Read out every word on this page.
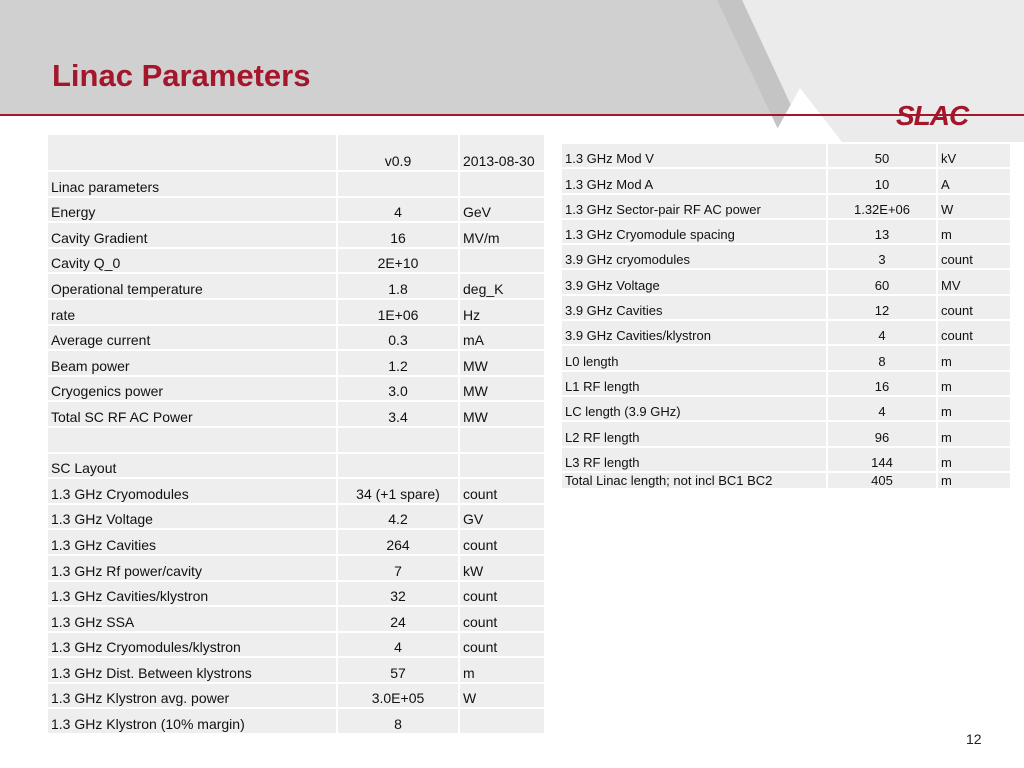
Linac Parameters
SLAC
	v0.9	2013-08-30
Linac parameters		
Energy	4	GeV
Cavity Gradient	16	MV/m
Cavity Q_0	2E+10	
Operational temperature	1.8	deg_K
rate	1E+06	Hz
Average current	0.3	mA
Beam power	1.2	MW
Cryogenics power	3.0	MW
Total SC RF AC Power	3.4	MW

SC Layout		
1.3 GHz Cryomodules	34 (+1 spare)	count
1.3 GHz Voltage	4.2	GV
1.3 GHz Cavities	264	count
1.3 GHz Rf power/cavity	7	kW
1.3 GHz Cavities/klystron	32	count
1.3 GHz SSA	24	count
1.3 GHz Cryomodules/klystron	4	count
1.3 GHz Dist. Between klystrons	57	m
1.3 GHz Klystron avg. power	3.0E+05	W
1.3 GHz Klystron (10% margin)	8	
1.3 GHz Mod V	50	kV
1.3 GHz Mod A	10	A
1.3 GHz Sector-pair RF AC power	1.32E+06	W
1.3 GHz Cryomodule spacing	13	m
3.9 GHz cryomodules	3	count
3.9 GHz Voltage	60	MV
3.9 GHz Cavities	12	count
3.9 GHz Cavities/klystron	4	count
L0 length	8	m
L1 RF length	16	m
LC length (3.9 GHz)	4	m
L2 RF length	96	m
L3 RF length	144	m
Total Linac length; not incl BC1 BC2	405	m
12
